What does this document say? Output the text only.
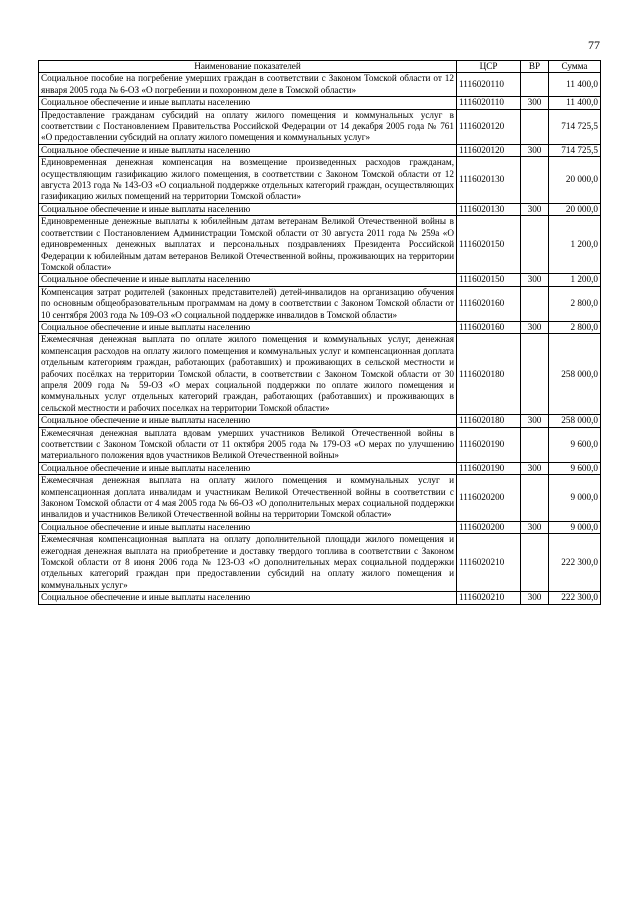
77
Наименование показателей	ЦСР	ВР	Сумма
Социальное пособие на погребение умерших граждан в соответствии с Законом Томской области от 12 января 2005 года № 6-ОЗ «О погребении и похоронном деле в Томской области»	1116020110		11 400,0
Социальное обеспечение и иные выплаты населению	1116020110	300	11 400,0
Предоставление гражданам субсидий на оплату жилого помещения и коммунальных услуг в соответствии с Постановлением Правительства Российской Федерации от 14 декабря 2005 года № 761 «О предоставлении субсидий на оплату жилого помещения и коммунальных услуг»	1116020120		714 725,5
Социальное обеспечение и иные выплаты населению	1116020120	300	714 725,5
Единовременная денежная компенсация на возмещение произведенных расходов гражданам, осуществляющим газификацию жилого помещения, в соответствии с Законом Томской области от 12 августа 2013 года № 143-ОЗ «О социальной поддержке отдельных категорий граждан, осуществляющих газификацию жилых помещений на территории Томской области»	1116020130		20 000,0
Социальное обеспечение и иные выплаты населению	1116020130	300	20 000,0
Единовременные денежные выплаты к юбилейным датам ветеранам Великой Отечественной войны в соответствии с Постановлением Администрации Томской области от 30 августа 2011 года № 259а «О единовременных денежных выплатах и персональных поздравлениях Президента Российской Федерации к юбилейным датам ветеранов Великой Отечественной войны, проживающих на территории Томской области»	1116020150		1 200,0
Социальное обеспечение и иные выплаты населению	1116020150	300	1 200,0
Компенсация затрат родителей (законных представителей) детей-инвалидов на организацию обучения по основным общеобразовательным программам на дому в соответствии с Законом Томской области от 10 сентября 2003 года № 109-ОЗ «О социальной поддержке инвалидов в Томской области»	1116020160		2 800,0
Социальное обеспечение и иные выплаты населению	1116020160	300	2 800,0
Ежемесячная денежная выплата по оплате жилого помещения и коммунальных услуг, денежная компенсация расходов на оплату жилого помещения и коммунальных услуг и компенсационная доплата отдельным категориям граждан, работающих (работавших) и проживающих в сельской местности и рабочих посёлках на территории Томской области, в соответствии с Законом Томской области от 30 апреля 2009 года № 59-ОЗ «О мерах социальной поддержки по оплате жилого помещения и коммунальных услуг отдельных категорий граждан, работающих (работавших) и проживающих в сельской местности и рабочих поселках на территории Томской области»	1116020180		258 000,0
Социальное обеспечение и иные выплаты населению	1116020180	300	258 000,0
Ежемесячная денежная выплата вдовам умерших участников Великой Отечественной войны в соответствии с Законом Томской области от 11 октября 2005 года № 179-ОЗ «О мерах по улучшению материального положения вдов участников Великой Отечественной войны»	1116020190		9 600,0
Социальное обеспечение и иные выплаты населению	1116020190	300	9 600,0
Ежемесячная денежная выплата на оплату жилого помещения и коммунальных услуг и компенсационная доплата инвалидам и участникам Великой Отечественной войны в соответствии с Законом Томской области от 4 мая 2005 года № 66-ОЗ «О дополнительных мерах социальной поддержки инвалидов и участников Великой Отечественной войны на территории Томской области»	1116020200		9 000,0
Социальное обеспечение и иные выплаты населению	1116020200	300	9 000,0
Ежемесячная компенсационная выплата на оплату дополнительной площади жилого помещения и ежегодная денежная выплата на приобретение и доставку твердого топлива в соответствии с Законом Томской области от 8 июня 2006 года № 123-ОЗ «О дополнительных мерах социальной поддержки отдельных категорий граждан при предоставлении субсидий на оплату жилого помещения и коммунальных услуг»	1116020210		222 300,0
Социальное обеспечение и иные выплаты населению	1116020210	300	222 300,0
